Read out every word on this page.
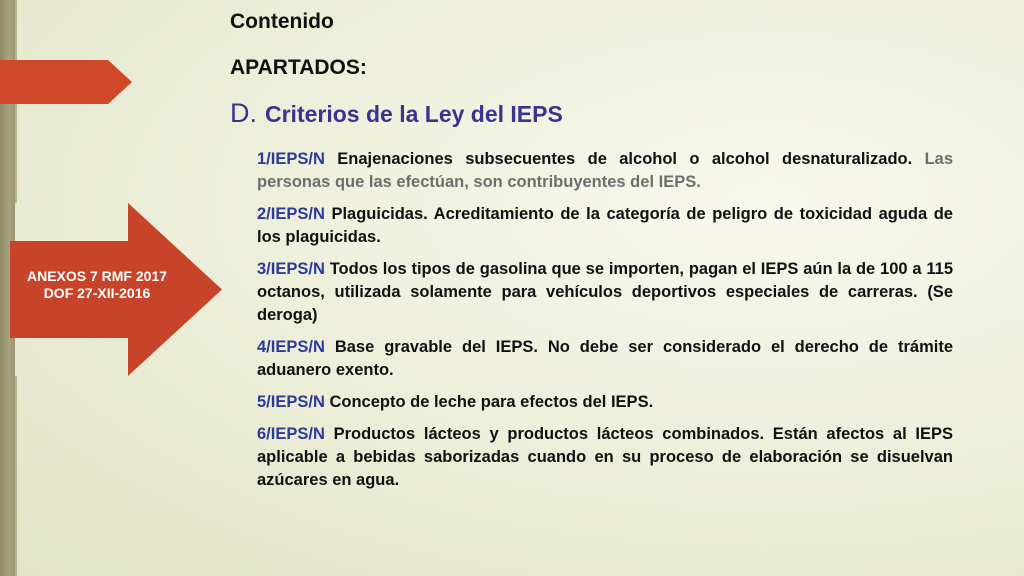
ANEXOS 7 RMF 2017 DOF 27-XII-2016
Contenido
APARTADOS:
D. Criterios de la Ley del IEPS
1/IEPS/N Enajenaciones subsecuentes de alcohol o alcohol desnaturalizado. Las personas que las efectúan, son contribuyentes del IEPS.
2/IEPS/N Plaguicidas. Acreditamiento de la categoría de peligro de toxicidad aguda de los plaguicidas.
3/IEPS/N Todos los tipos de gasolina que se importen, pagan el IEPS aún la de 100 a 115 octanos, utilizada solamente para vehículos deportivos especiales de carreras. (Se deroga)
4/IEPS/N Base gravable del IEPS. No debe ser considerado el derecho de trámite aduanero exento.
5/IEPS/N Concepto de leche para efectos del IEPS.
6/IEPS/N Productos lácteos y productos lácteos combinados. Están afectos al IEPS aplicable a bebidas saborizadas cuando en su proceso de elaboración se disuelvan azúcares en agua.
